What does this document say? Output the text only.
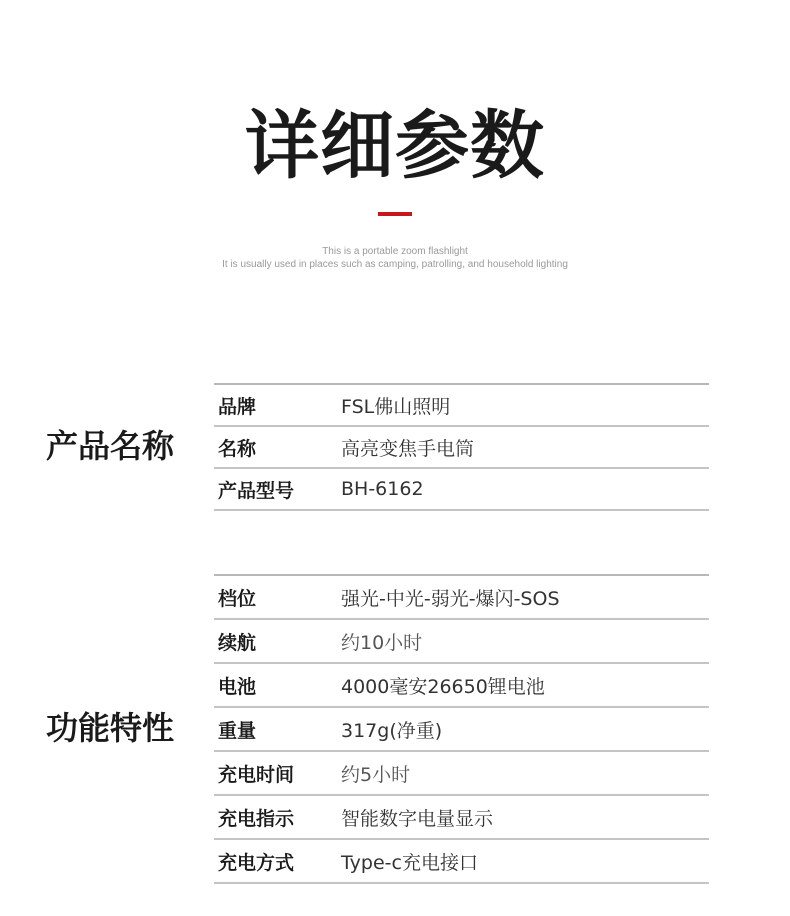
详细参数
This is a portable zoom flashlight
It is usually used in places such as camping, patrolling, and household lighting
产品名称
品牌	FSL佛山照明
名称	高亮变焦手电筒
产品型号 BH-6162
功能特性
档位	强光-中光-弱光-爆闪-SOS
续航	约10小时
电池	4000毫安26650锂电池
重量	317g(净重)
充电时间 约5小时
充电指示 智能数字电量显示
充电方式 Type-c充电接口
